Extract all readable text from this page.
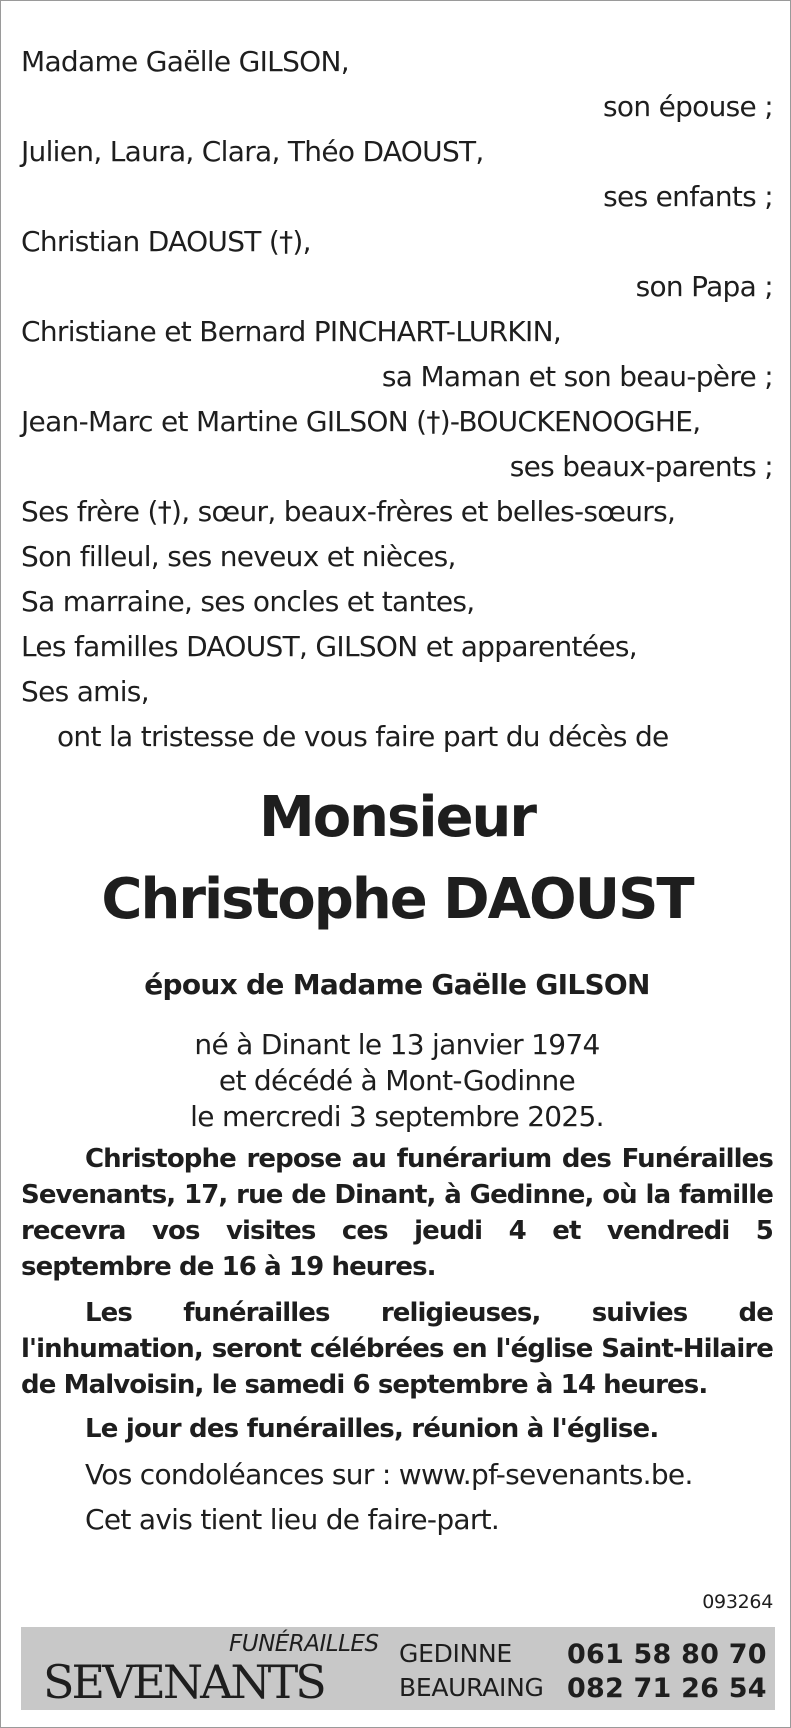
Madame Gaëlle GILSON,
son épouse ;
Julien, Laura, Clara, Théo DAOUST,
ses enfants ;
Christian DAOUST (†),
son Papa ;
Christiane et Bernard PINCHART-LURKIN,
sa Maman et son beau-père ;
Jean-Marc et Martine GILSON (†)-BOUCKENOOGHE,
ses beaux-parents ;
Ses frère (†), sœur, beaux-frères et belles-sœurs,
Son filleul, ses neveux et nièces,
Sa marraine, ses oncles et tantes,
Les familles DAOUST, GILSON et apparentées,
Ses amis,
ont la tristesse de vous faire part du décès de
Monsieur
Christophe DAOUST
époux de Madame Gaëlle GILSON
né à Dinant le 13 janvier 1974
et décédé à Mont-Godinne
le mercredi 3 septembre 2025.
Christophe repose au funérarium des Funérailles Sevenants, 17, rue de Dinant, à Gedinne, où la famille recevra vos visites ces jeudi 4 et vendredi 5 septembre de 16 à 19 heures.
Les funérailles religieuses, suivies de l'inhumation, seront célébrées en l'église Saint-Hilaire de Malvoisin, le samedi 6 septembre à 14 heures.
Le jour des funérailles, réunion à l'église.
Vos condoléances sur : www.pf-sevenants.be.
Cet avis tient lieu de faire-part.
093264
FUNÉRAILLES
SEVENANTS
GEDINNE 061 58 80 70
BEAURAING 082 71 26 54
